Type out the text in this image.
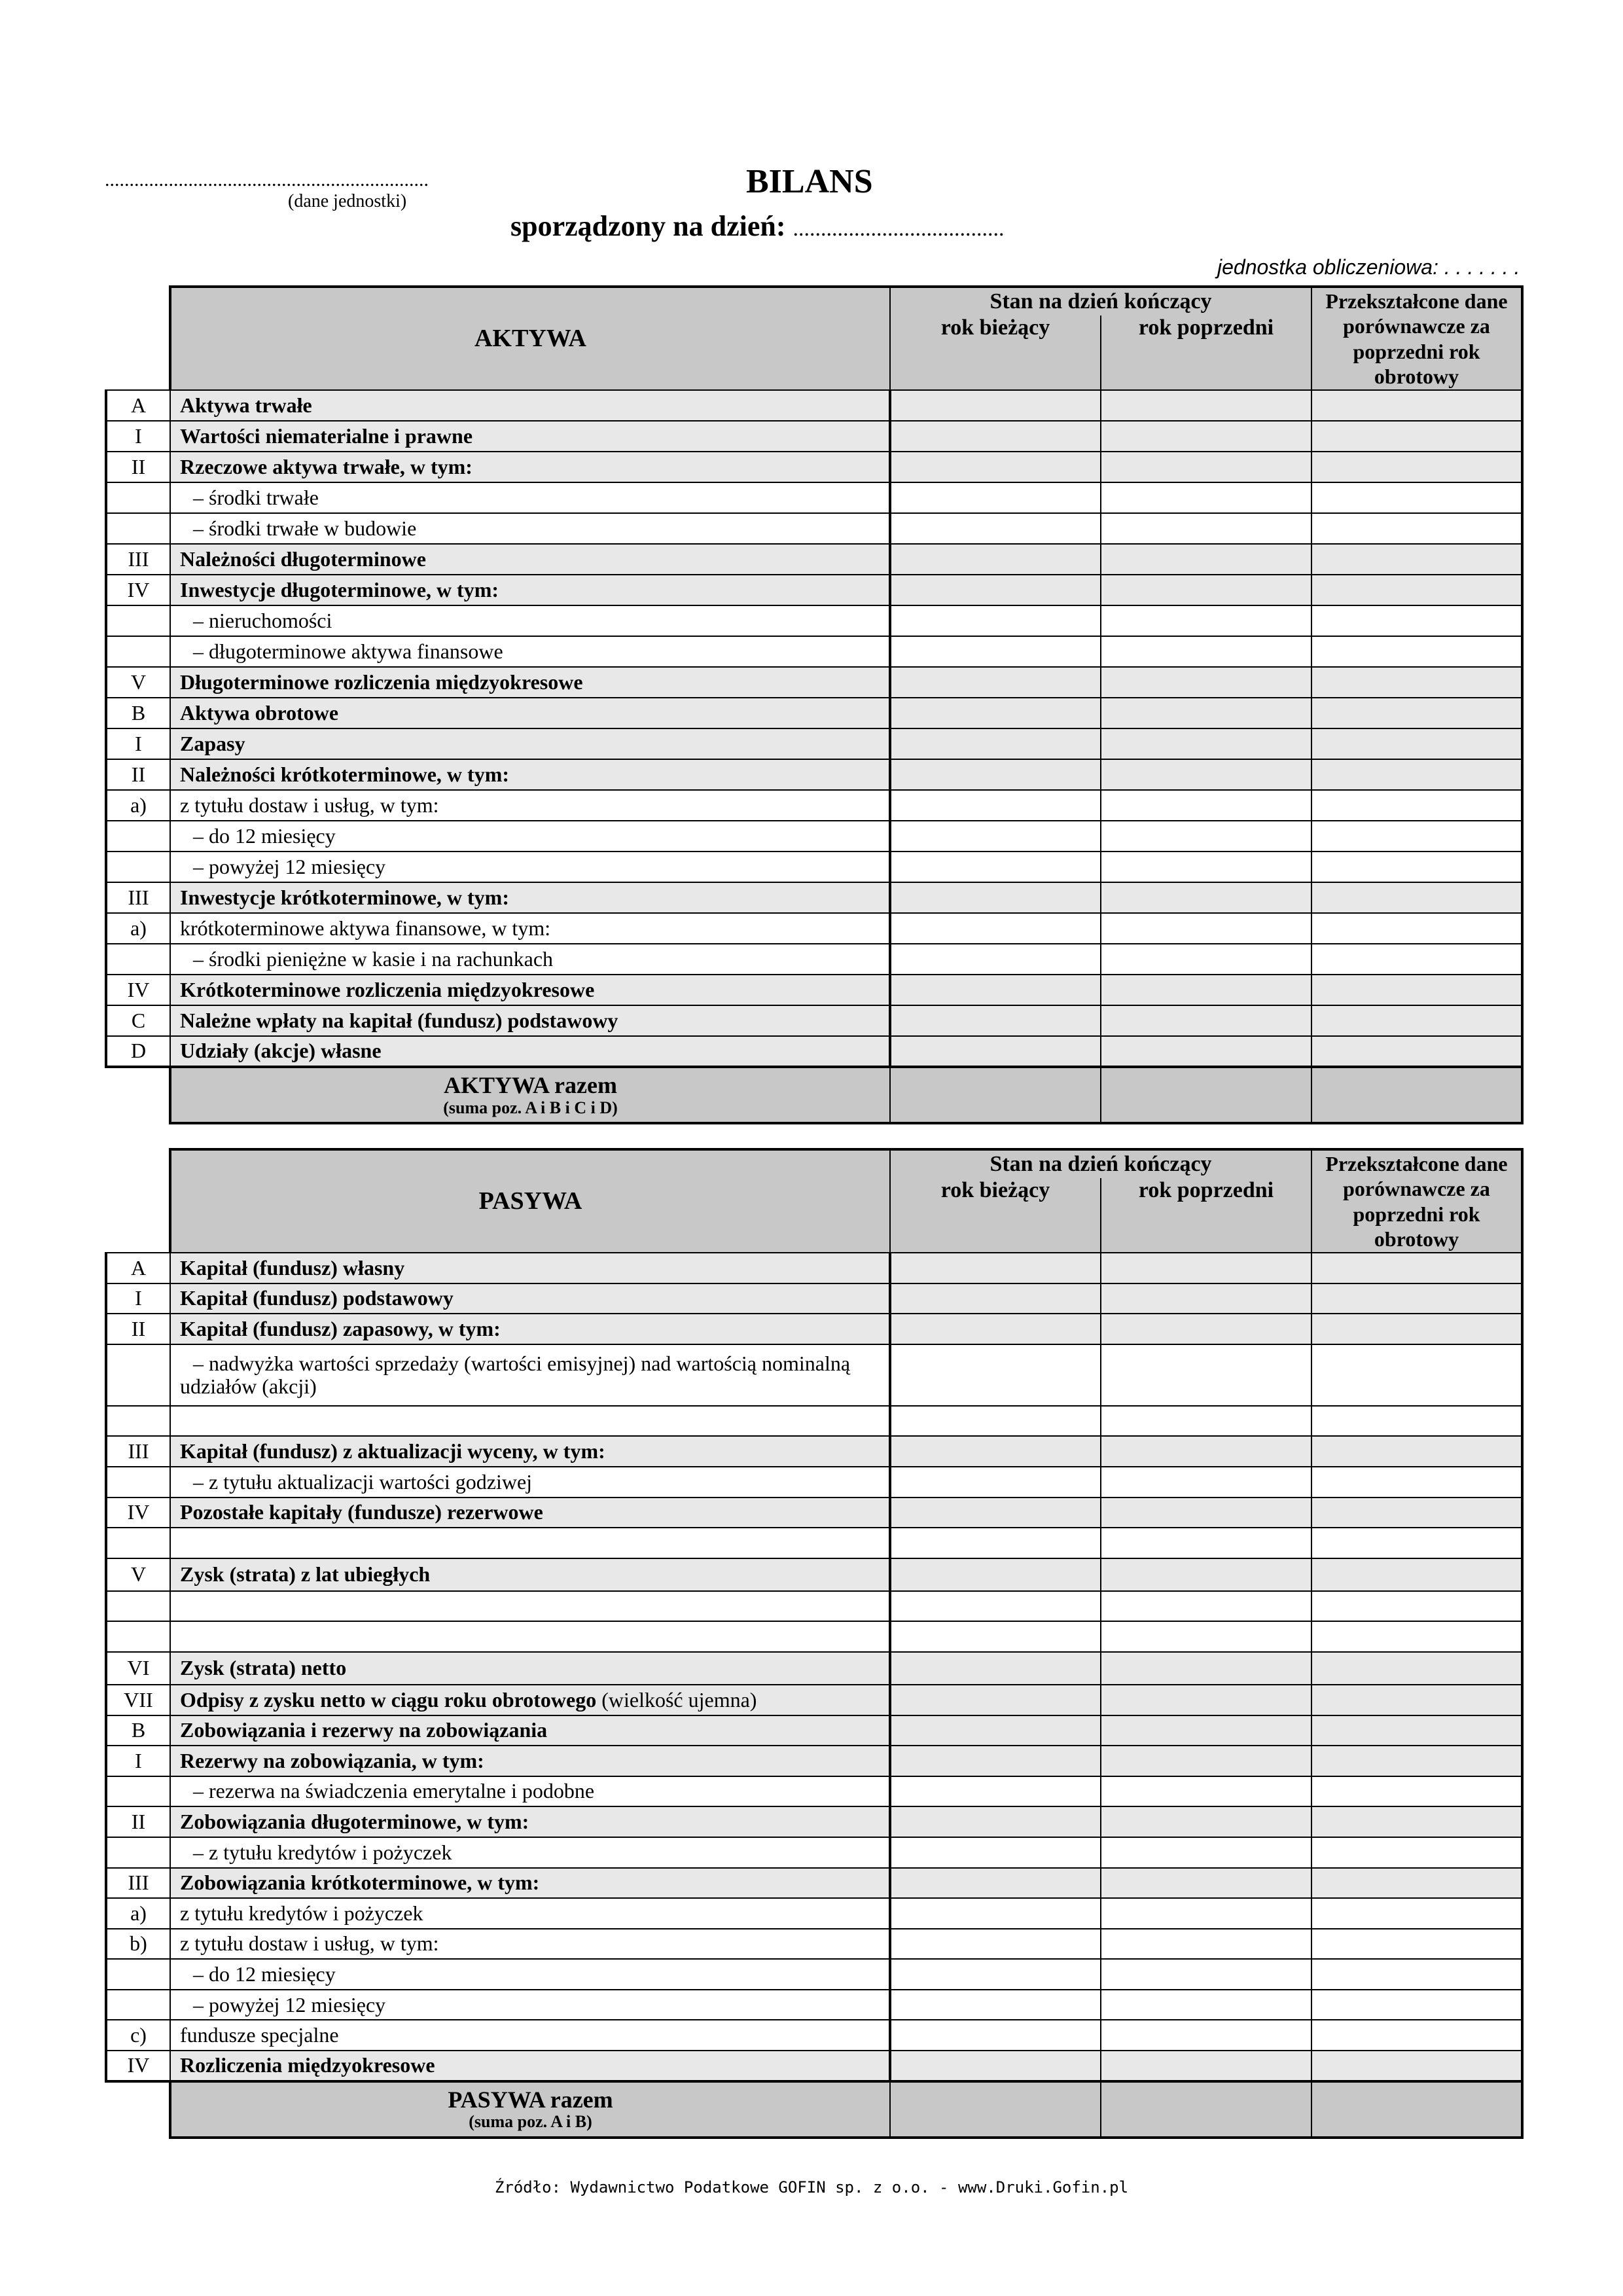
..................................................................
(dane jednostki)
BILANS
sporządzony na dzień: ......................................
jednostka obliczeniowa: . . . . . . .
	AKTYWA	Stan na dzień kończący		Przekształcone dane porównawcze za poprzedni rok obrotowy
		rok bieżący	rok poprzedni	
A	Aktywa trwałe			
I	Wartości niematerialne i prawne			
II	Rzeczowe aktywa trwałe, w tym:			
	– środki trwałe			
	– środki trwałe w budowie			
III	Należności długoterminowe			
IV	Inwestycje długoterminowe, w tym:			
	– nieruchomości			
	– długoterminowe aktywa finansowe			
V	Długoterminowe rozliczenia międzyokresowe			
B	Aktywa obrotowe			
I	Zapasy			
II	Należności krótkoterminowe, w tym:			
a)	z tytułu dostaw i usług, w tym:			
	– do 12 miesięcy			
	– powyżej 12 miesięcy			
III	Inwestycje krótkoterminowe, w tym:			
a)	krótkoterminowe aktywa finansowe, w tym:			
	– środki pieniężne w kasie i na rachunkach			
IV	Krótkoterminowe rozliczenia międzyokresowe			
C	Należne wpłaty na kapitał (fundusz) podstawowy			
D	Udziały (akcje) własne			

	AKTYWA razem
(suma poz. A i B i C i D)			

	PASYWA	Stan na dzień kończący		Przekształcone dane porównawcze za poprzedni rok obrotowy
		rok bieżący	rok poprzedni	
A	Kapitał (fundusz) własny			
I	Kapitał (fundusz) podstawowy			
II	Kapitał (fundusz) zapasowy, w tym:			
	– nadwyżka wartości sprzedaży (wartości emisyjnej) nad wartością nominalną udziałów (akcji)			

III	Kapitał (fundusz) z aktualizacji wyceny, w tym:			
	– z tytułu aktualizacji wartości godziwej			
IV	Pozostałe kapitały (fundusze) rezerwowe			

V	Zysk (strata) z lat ubiegłych			

VI	Zysk (strata) netto			
VII	Odpisy z zysku netto w ciągu roku obrotowego (wielkość ujemna)			
B	Zobowiązania i rezerwy na zobowiązania			
I	Rezerwy na zobowiązania, w tym:			
	– rezerwa na świadczenia emerytalne i podobne			
II	Zobowiązania długoterminowe, w tym:			
	– z tytułu kredytów i pożyczek			
III	Zobowiązania krótkoterminowe, w tym:			
a)	z tytułu kredytów i pożyczek			
b)	z tytułu dostaw i usług, w tym:			
	– do 12 miesięcy			
	– powyżej 12 miesięcy			
c)	fundusze specjalne			
IV	Rozliczenia międzyokresowe			

	PASYWA razem
(suma poz. A i B)			

Źródło: Wydawnictwo Podatkowe GOFIN sp. z o.o. - www.Druki.Gofin.pl
